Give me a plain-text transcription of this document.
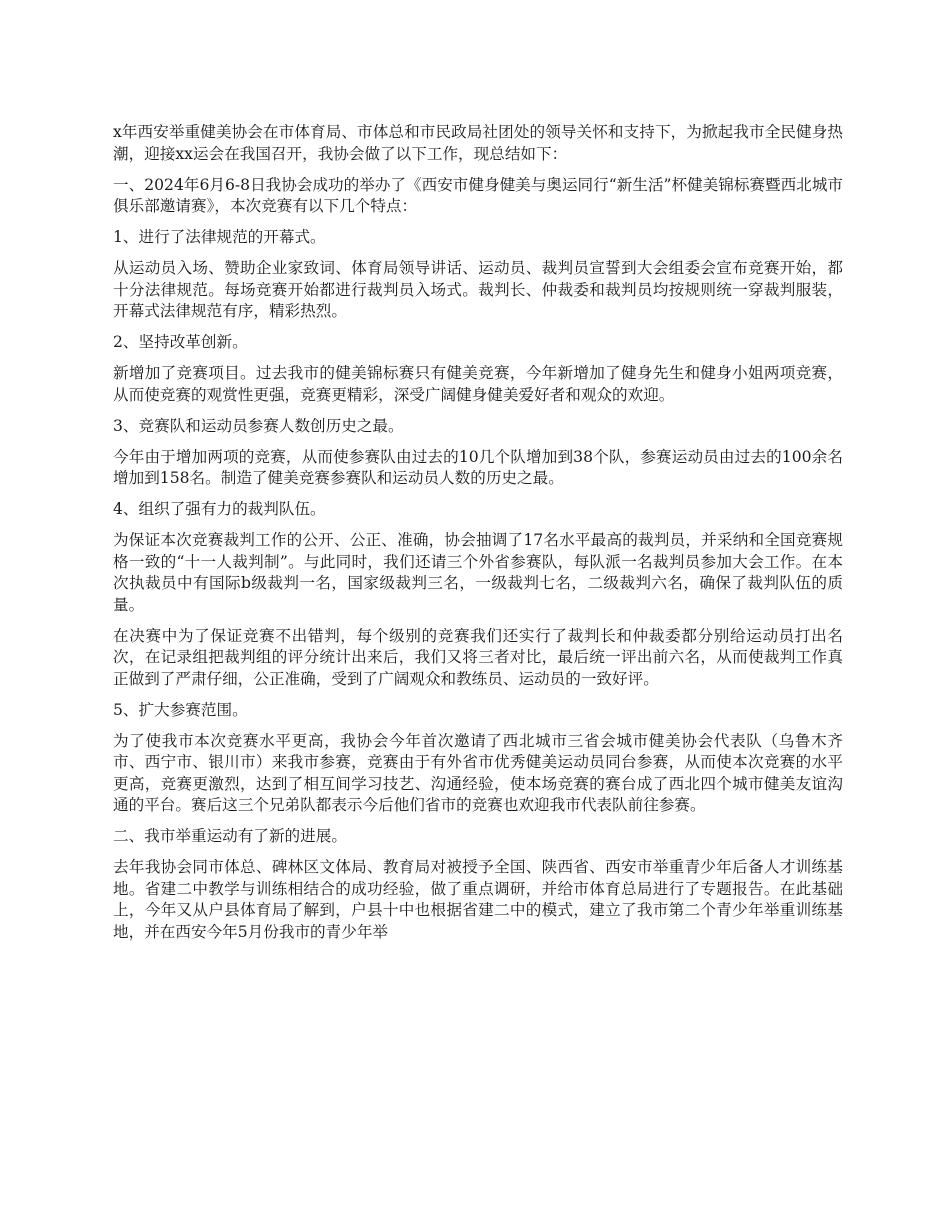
x年西安举重健美协会在市体育局、市体总和市民政局社团处的领导关怀和支持下，为掀起我市全民健身热潮，迎接xx运会在我国召开，我协会做了以下工作，现总结如下：

一、2024年6月6-8日我协会成功的举办了《西安市健身健美与奥运同行“新生活”杯健美锦标赛暨西北城市俱乐部邀请赛》，本次竞赛有以下几个特点：

1、进行了法律规范的开幕式。

从运动员入场、赞助企业家致词、体育局领导讲话、运动员、裁判员宣誓到大会组委会宣布竞赛开始，都十分法律规范。每场竞赛开始都进行裁判员入场式。裁判长、仲裁委和裁判员均按规则统一穿裁判服装，开幕式法律规范有序，精彩热烈。

2、坚持改革创新。

新增加了竞赛项目。过去我市的健美锦标赛只有健美竞赛，今年新增加了健身先生和健身小姐两项竞赛，从而使竞赛的观赏性更强，竞赛更精彩，深受广阔健身健美爱好者和观众的欢迎。

3、竞赛队和运动员参赛人数创历史之最。

今年由于增加两项的竞赛，从而使参赛队由过去的10几个队增加到38个队，参赛运动员由过去的100余名增加到158名。制造了健美竞赛参赛队和运动员人数的历史之最。

4、组织了强有力的裁判队伍。

为保证本次竞赛裁判工作的公开、公正、准确，协会抽调了17名水平最高的裁判员，并采纳和全国竞赛规格一致的“十一人裁判制”。与此同时，我们还请三个外省参赛队，每队派一名裁判员参加大会工作。在本次执裁员中有国际b级裁判一名，国家级裁判三名，一级裁判七名，二级裁判六名，确保了裁判队伍的质量。

在决赛中为了保证竞赛不出错判，每个级别的竞赛我们还实行了裁判长和仲裁委都分别给运动员打出名次，在记录组把裁判组的评分统计出来后，我们又将三者对比，最后统一评出前六名，从而使裁判工作真正做到了严肃仔细，公正准确，受到了广阔观众和教练员、运动员的一致好评。

5、扩大参赛范围。

为了使我市本次竞赛水平更高，我协会今年首次邀请了西北城市三省会城市健美协会代表队（乌鲁木齐市、西宁市、银川市）来我市参赛，竞赛由于有外省市优秀健美运动员同台参赛，从而使本次竞赛的水平更高，竞赛更激烈，达到了相互间学习技艺、沟通经验，使本场竞赛的赛台成了西北四个城市健美友谊沟通的平台。赛后这三个兄弟队都表示今后他们省市的竞赛也欢迎我市代表队前往参赛。

二、我市举重运动有了新的进展。

去年我协会同市体总、碑林区文体局、教育局对被授予全国、陕西省、西安市举重青少年后备人才训练基地。省建二中教学与训练相结合的成功经验，做了重点调研，并给市体育总局进行了专题报告。在此基础上，今年又从户县体育局了解到，户县十中也根据省建二中的模式，建立了我市第二个青少年举重训练基地，并在西安今年5月份我市的青少年举
